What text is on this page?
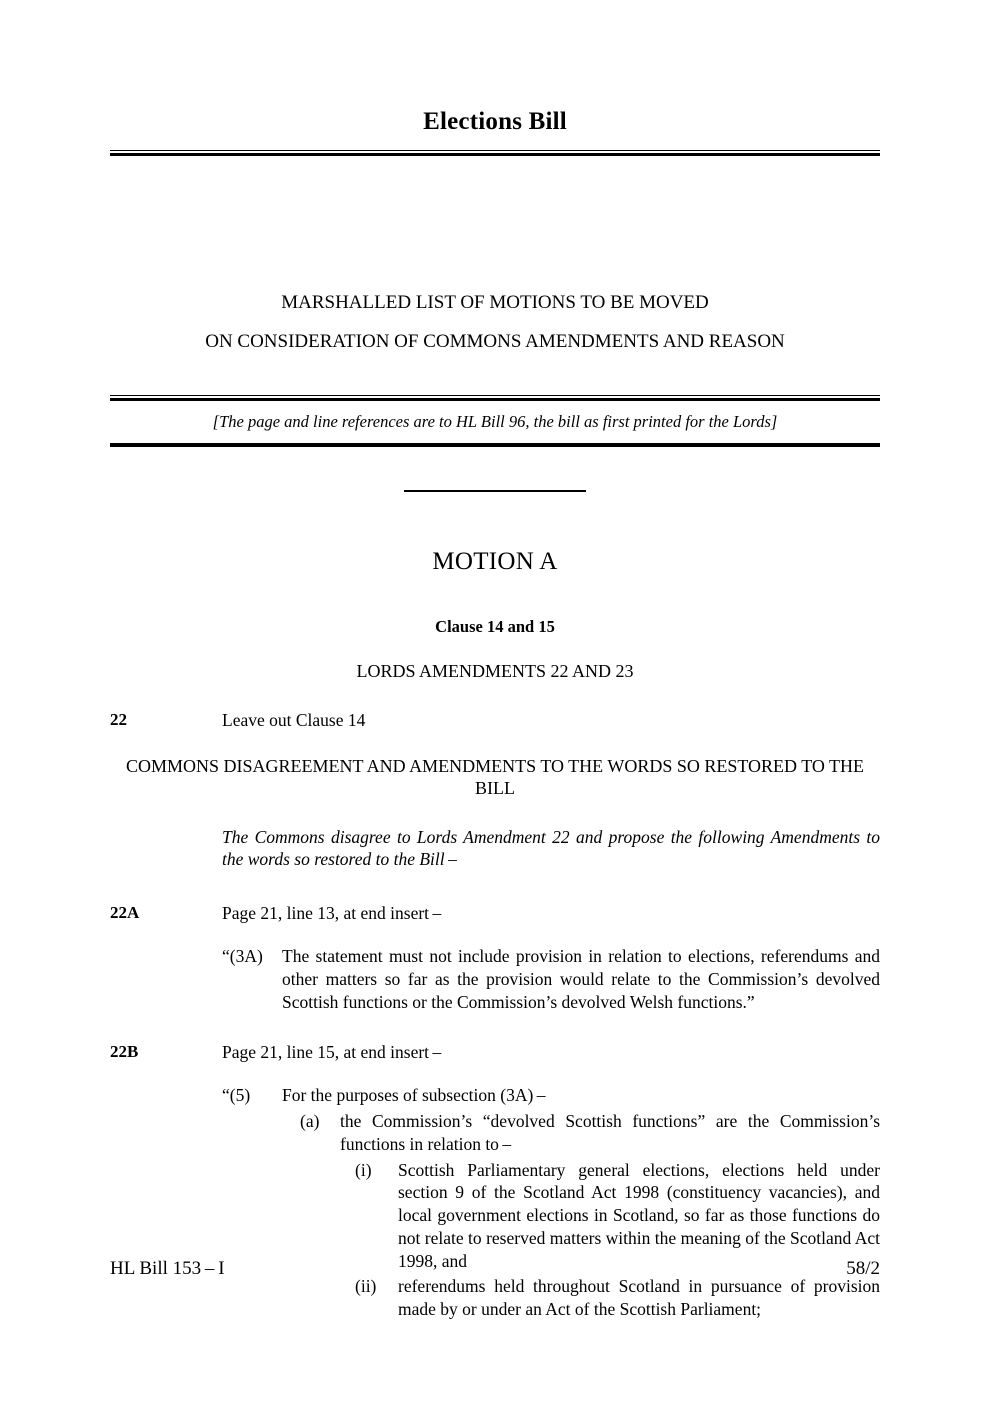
Elections Bill
MARSHALLED LIST OF MOTIONS TO BE MOVED
ON CONSIDERATION OF COMMONS AMENDMENTS AND REASON
[The page and line references are to HL Bill 96, the bill as first printed for the Lords]
MOTION A
Clause 14 and 15
LORDS AMENDMENTS 22 AND 23
22	Leave out Clause 14
COMMONS DISAGREEMENT AND AMENDMENTS TO THE WORDS SO RESTORED TO THE BILL
The Commons disagree to Lords Amendment 22 and propose the following Amendments to the words so restored to the Bill –
22A	Page 21, line 13, at end insert –
“(3A)	The statement must not include provision in relation to elections, referendums and other matters so far as the provision would relate to the Commission’s devolved Scottish functions or the Commission’s devolved Welsh functions.”
22B	Page 21, line 15, at end insert –
“(5)	For the purposes of subsection (3A) –
(a)	the Commission’s “devolved Scottish functions” are the Commission’s functions in relation to –
(i)	Scottish Parliamentary general elections, elections held under section 9 of the Scotland Act 1998 (constituency vacancies), and local government elections in Scotland, so far as those functions do not relate to reserved matters within the meaning of the Scotland Act 1998, and
(ii)	referendums held throughout Scotland in pursuance of provision made by or under an Act of the Scottish Parliament;
HL Bill 153 – I	58/2
